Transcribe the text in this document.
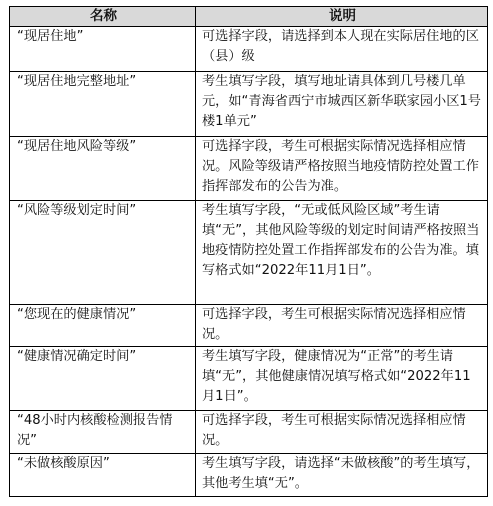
名称	说明
“现居住地”	可选择字段，请选择到本人现在实际居住地的区（县）级
“现居住地完整地址”	考生填写字段，填写地址请具体到几号楼几单元，如“青海省西宁市城西区新华联家园小区1号楼1单元”
“现居住地风险等级”	可选择字段，考生可根据实际情况选择相应情况。风险等级请严格按照当地疫情防控处置工作指挥部发布的公告为准。
“风险等级划定时间”	考生填写字段，“无或低风险区域”考生请填“无”，其他风险等级的划定时间请严格按照当地疫情防控处置工作指挥部发布的公告为准。填写格式如“2022年11月1日”。
“您现在的健康情况”	可选择字段，考生可根据实际情况选择相应情况。
“健康情况确定时间”	考生填写字段，健康情况为“正常”的考生请填“无”，其他健康情况填写格式如“2022年11月1日”。
“48小时内核酸检测报告情况”	可选择字段，考生可根据实际情况选择相应情况。
“未做核酸原因”	考生填写字段，请选择“未做核酸”的考生填写，其他考生填“无”。
